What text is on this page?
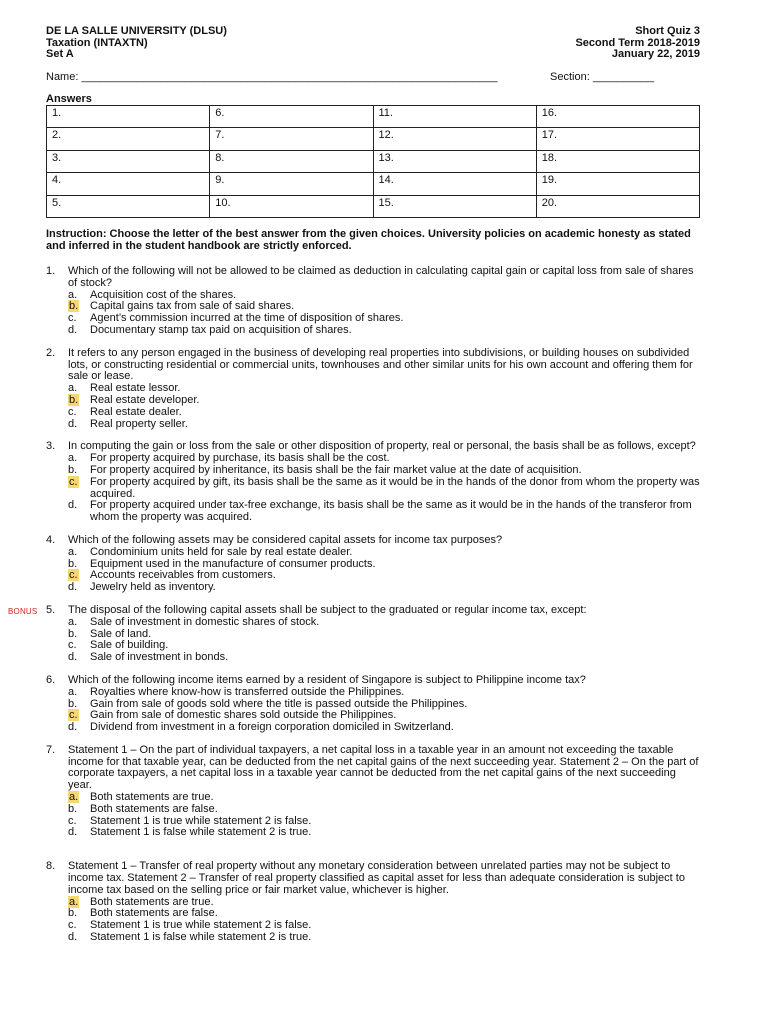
DE LA SALLE UNIVERSITY (DLSU)
Taxation (INTAXTN)
Set A
Short Quiz 3
Second Term 2018-2019
January 22, 2019
Name: ____________________________________________________________________	Section: __________
Answers
1.	6.	11.	16.
2.	7.	12.	17.
3.	8.	13.	18.
4.	9.	14.	19.
5.	10.	15.	20.
Instruction: Choose the letter of the best answer from the given choices. University policies on academic honesty as stated and inferred in the student handbook are strictly enforced.
1. Which of the following will not be allowed to be claimed as deduction in calculating capital gain or capital loss from sale of shares of stock?
a.	Acquisition cost of the shares.
b.	Capital gains tax from sale of said shares.
c.	Agent’s commission incurred at the time of disposition of shares.
d.	Documentary stamp tax paid on acquisition of shares.
2. It refers to any person engaged in the business of developing real properties into subdivisions, or building houses on subdivided lots, or constructing residential or commercial units, townhouses and other similar units for his own account and offering them for sale or lease.
a.	Real estate lessor.
b.	Real estate developer.
c.	Real estate dealer.
d.	Real property seller.
3. In computing the gain or loss from the sale or other disposition of property, real or personal, the basis shall be as follows, except?
a.	For property acquired by purchase, its basis shall be the cost.
b.	For property acquired by inheritance, its basis shall be the fair market value at the date of acquisition.
c.	For property acquired by gift, its basis shall be the same as it would be in the hands of the donor from whom the property was acquired.
d.	For property acquired under tax-free exchange, its basis shall be the same as it would be in the hands of the transferor from whom the property was acquired.
4. Which of the following assets may be considered capital assets for income tax purposes?
a.	Condominium units held for sale by real estate dealer.
b.	Equipment used in the manufacture of consumer products.
c.	Accounts receivables from customers.
d.	Jewelry held as inventory.
BONUS 5. The disposal of the following capital assets shall be subject to the graduated or regular income tax, except:
a.	Sale of investment in domestic shares of stock.
b.	Sale of land.
c.	Sale of building.
d.	Sale of investment in bonds.
6. Which of the following income items earned by a resident of Singapore is subject to Philippine income tax?
a.	Royalties where know-how is transferred outside the Philippines.
b.	Gain from sale of goods sold where the title is passed outside the Philippines.
c.	Gain from sale of domestic shares sold outside the Philippines.
d.	Dividend from investment in a foreign corporation domiciled in Switzerland.
7. Statement 1 – On the part of individual taxpayers, a net capital loss in a taxable year in an amount not exceeding the taxable income for that taxable year, can be deducted from the net capital gains of the next succeeding year. Statement 2 – On the part of corporate taxpayers, a net capital loss in a taxable year cannot be deducted from the net capital gains of the next succeeding year.
a.	Both statements are true.
b.	Both statements are false.
c.	Statement 1 is true while statement 2 is false.
d.	Statement 1 is false while statement 2 is true.
8. Statement 1 – Transfer of real property without any monetary consideration between unrelated parties may not be subject to income tax. Statement 2 – Transfer of real property classified as capital asset for less than adequate consideration is subject to income tax based on the selling price or fair market value, whichever is higher.
a.	Both statements are true.
b.	Both statements are false.
c.	Statement 1 is true while statement 2 is false.
d.	Statement 1 is false while statement 2 is true.
